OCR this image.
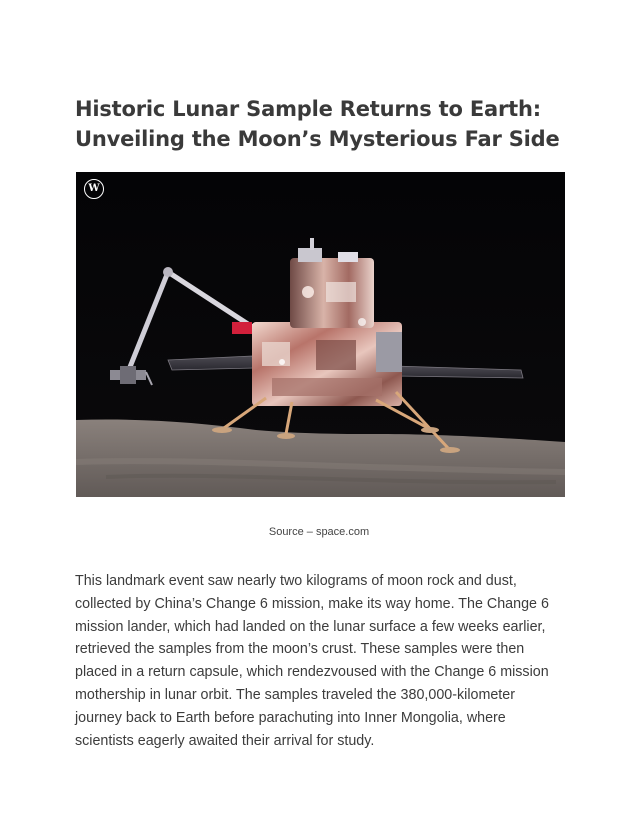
Historic Lunar Sample Returns to Earth: Unveiling the Moon’s Mysterious Far Side
W
Source – space.com

This landmark event saw nearly two kilograms of moon rock and dust, collected by China’s Change 6 mission, make its way home. The Change 6 mission lander, which had landed on the lunar surface a few weeks earlier, retrieved the samples from the moon’s crust. These samples were then placed in a return capsule, which rendezvoused with the Change 6 mission mothership in lunar orbit. The samples traveled the 380,000-kilometer journey back to Earth before parachuting into Inner Mongolia, where scientists eagerly awaited their arrival for study.
